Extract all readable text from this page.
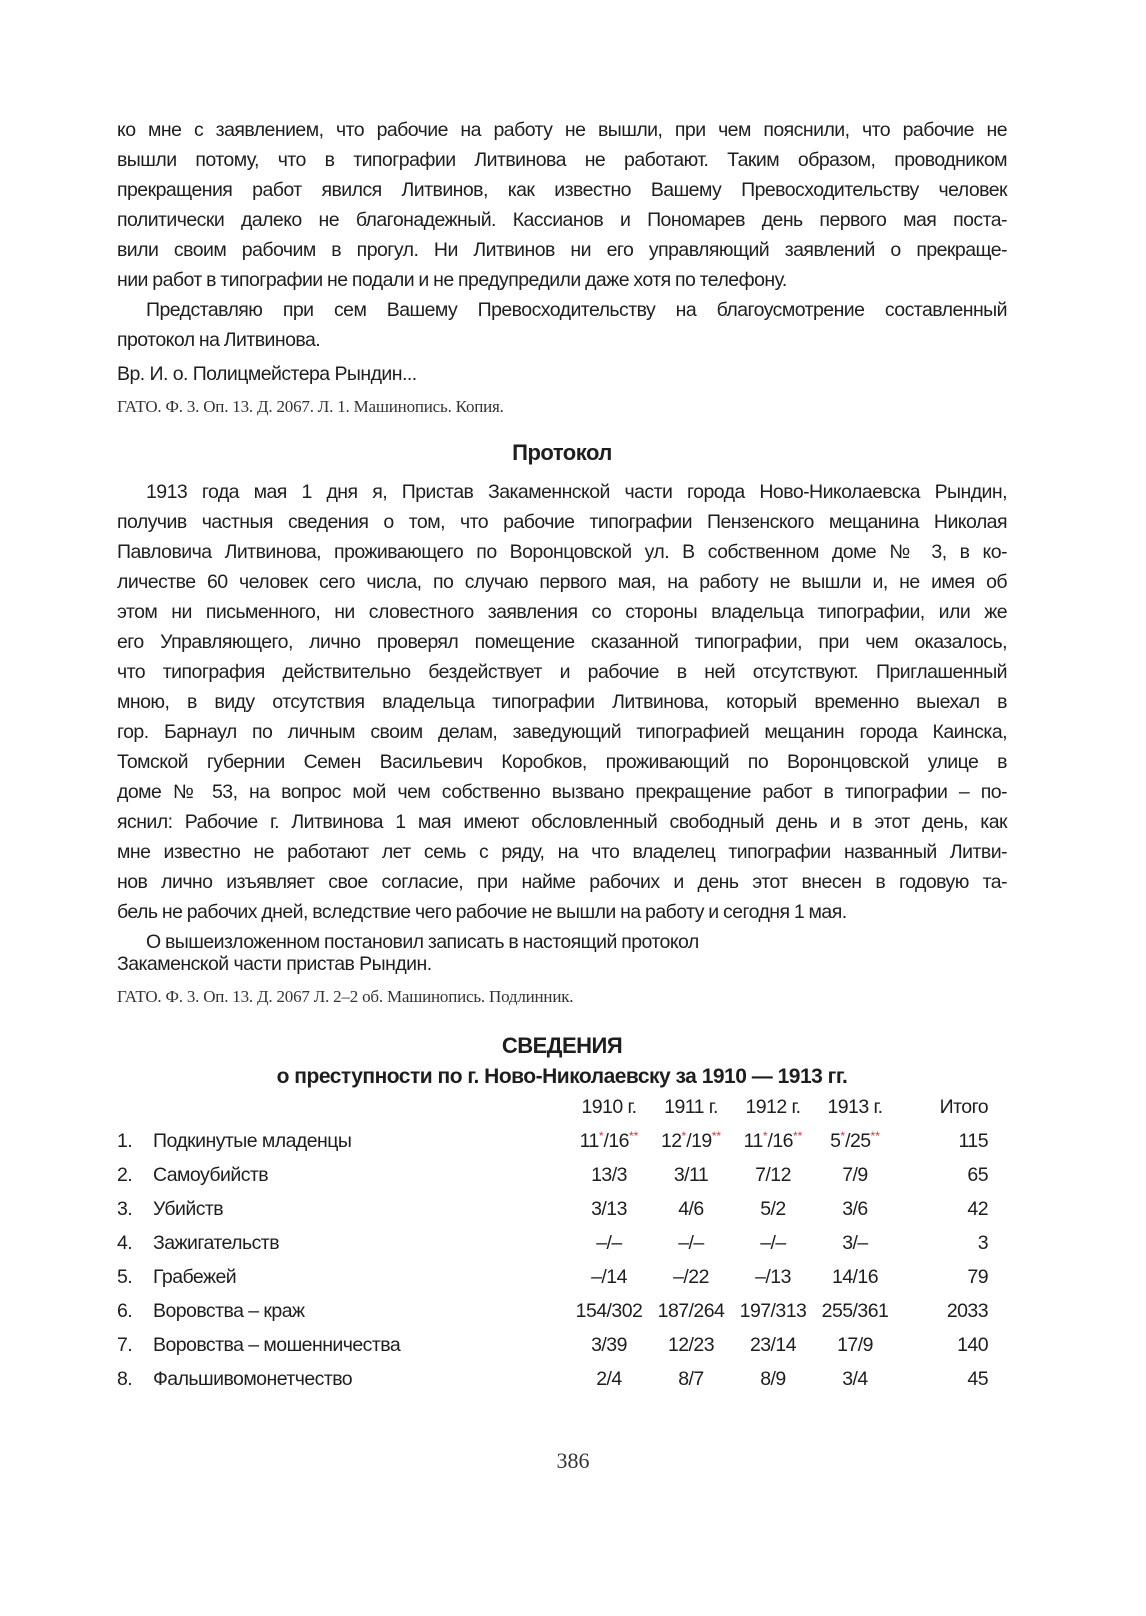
ко мне с заявлением, что рабочие на работу не вышли, при чем пояснили, что рабочие не
вышли потому, что в типографии Литвинова не работают. Таким образом, проводником
прекращения работ явился Литвинов, как известно Вашему Превосходительству человек
политически далеко не благонадежный. Кассианов и Пономарев день первого мая поста-
вили своим рабочим в прогул. Ни Литвинов ни его управляющий заявлений о прекраще-
нии работ в типографии не подали и не предупредили даже хотя по телефону.
Представляю при сем Вашему Превосходительству на благоусмотрение составленный
протокол на Литвинова.

Вр. И. о. Полицмейстера Рындин...

ГАТО. Ф. 3. Оп. 13. Д. 2067. Л. 1. Машинопись. Копия.

Протокол
1913 года мая 1 дня я, Пристав Закаменнской части города Ново-Николаевска Рындин,
получив частныя сведения о том, что рабочие типографии Пензенского мещанина Николая
Павловича Литвинова, проживающего по Воронцовской ул. В собственном доме № 3, в ко-
личестве 60 человек сего числа, по случаю первого мая, на работу не вышли и, не имея об
этом ни письменного, ни словестного заявления со стороны владельца типографии, или же
его Управляющего, лично проверял помещение сказанной типографии, при чем оказалось,
что типография действительно бездействует и рабочие в ней отсутствуют. Приглашенный
мною, в виду отсутствия владельца типографии Литвинова, который временно выехал в
гор. Барнаул по личным своим делам, заведующий типографией мещанин города Каинска,
Томской губернии Семен Васильевич Коробков, проживающий по Воронцовской улице в
доме № 53, на вопрос мой чем собственно вызвано прекращение работ в типографии – по-
яснил: Рабочие г. Литвинова 1 мая имеют обсловленный свободный день и в этот день, как
мне известно не работают лет семь с ряду, на что владелец типографии названный Литви-
нов лично изъявляет свое согласие, при найме рабочих и день этот внесен в годовую та-
бель не рабочих дней, вследствие чего рабочие не вышли на работу и сегодня 1 мая.
О вышеизложенном постановил записать в настоящий протокол

Закаменской части пристав Рындин.

ГАТО. Ф. 3. Оп. 13. Д. 2067 Л. 2–2 об. Машинопись. Подлинник.

СВЕДЕНИЯ
о преступности по г. Ново-Николаевску за 1910 — 1913 гг.
		1910 г.	1911 г.	1912 г.	1913 г.	Итого
1.	Подкинутые младенцы	11*/16**	12*/19**	11*/16**	5*/25**	115
2.	Самоубийств	13/3	3/11	7/12	7/9	65
3.	Убийств	3/13	4/6	5/2	3/6	42
4.	Зажигательств	–/–	–/–	–/–	3/–	3
5.	Грабежей	–/14	–/22	–/13	14/16	79
6.	Воровства – краж	154/302	187/264	197/313	255/361	2033
7.	Воровства – мошенничества	3/39	12/23	23/14	17/9	140
8.	Фальшивомонетчество	2/4	8/7	8/9	3/4	45
386
